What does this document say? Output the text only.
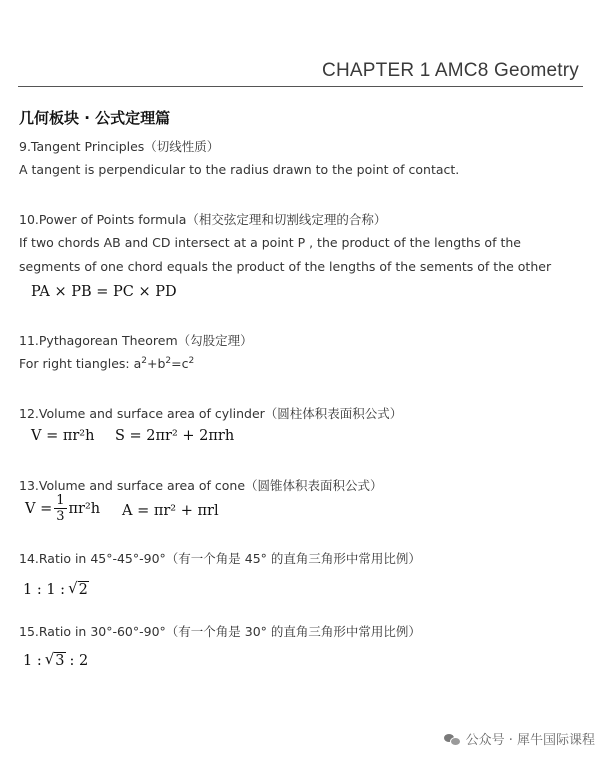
CHAPTER 1 AMC8 Geometry
几何板块 · 公式定理篇
9.Tangent Principles（切线性质）
A tangent is perpendicular to the radius drawn to the point of contact.
10.Power of Points formula（相交弦定理和切割线定理的合称）
If two chords AB and CD intersect at a point P , the product of the lengths of the
segments of one chord equals the product of the lengths of the sements of the other
PA × PB = PC × PD
11.Pythagorean Theorem（勾股定理）
For right tiangles: $a^2+b^2=c^2$
12.Volume and surface area of cylinder（圆柱体积表面积公式）
V = πr²h S = 2πr² + 2πrh
13.Volume and surface area of cone（圆锥体积表面积公式）
$V = \frac{1}{3} \pi r^2h$ A = πr² + πrl
14.Ratio in 45°-45°-90°（有一个角是 45° 的直角三角形中常用比例）
1 : 1 : √ 2
15.Ratio in 30°-60°-90°（有一个角是 30° 的直角三角形中常用比例）
1 : √ 3 : 2
公众号 · 犀牛国际课程
